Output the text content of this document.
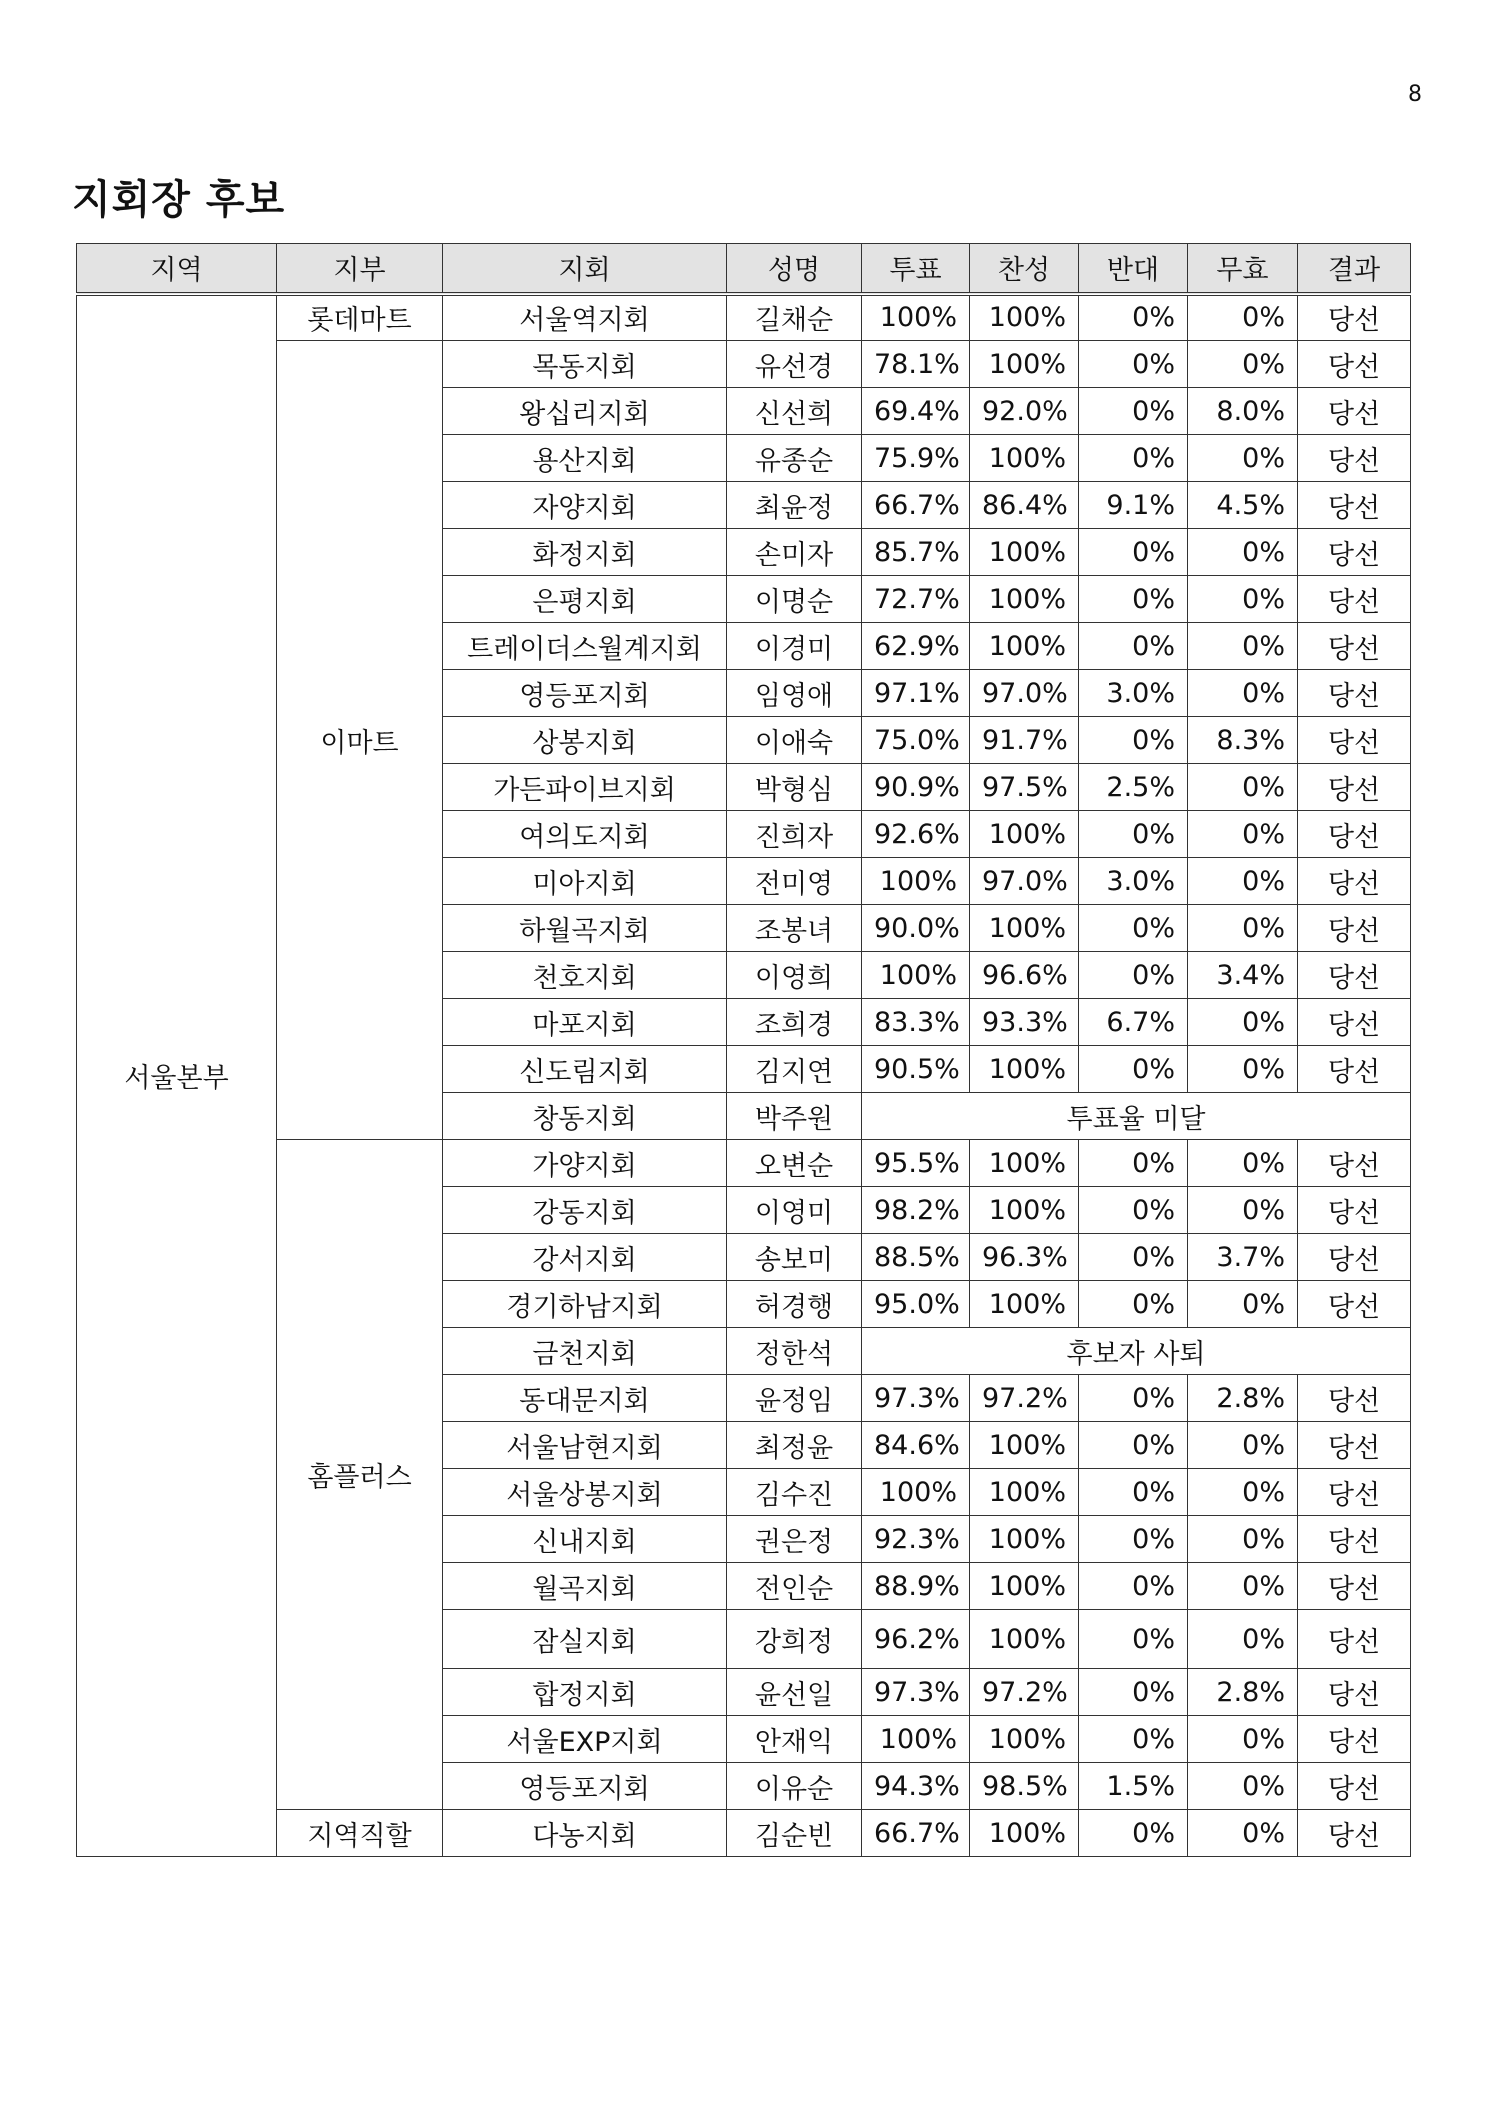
8
지회장 후보
지역	지부	지회	성명	투표	찬성	반대	무효	결과
서울본부	롯데마트	서울역지회	길채순	100%	100%	0%	0%	당선
	이마트	목동지회	유선경	78.1%	100%	0%	0%	당선
		왕십리지회	신선희	69.4%	92.0%	0%	8.0%	당선
		용산지회	유종순	75.9%	100%	0%	0%	당선
		자양지회	최윤정	66.7%	86.4%	9.1%	4.5%	당선
		화정지회	손미자	85.7%	100%	0%	0%	당선
		은평지회	이명순	72.7%	100%	0%	0%	당선
		트레이더스월계지회	이경미	62.9%	100%	0%	0%	당선
		영등포지회	임영애	97.1%	97.0%	3.0%	0%	당선
		상봉지회	이애숙	75.0%	91.7%	0%	8.3%	당선
		가든파이브지회	박형심	90.9%	97.5%	2.5%	0%	당선
		여의도지회	진희자	92.6%	100%	0%	0%	당선
		미아지회	전미영	100%	97.0%	3.0%	0%	당선
		하월곡지회	조봉녀	90.0%	100%	0%	0%	당선
		천호지회	이영희	100%	96.6%	0%	3.4%	당선
		마포지회	조희경	83.3%	93.3%	6.7%	0%	당선
		신도림지회	김지연	90.5%	100%	0%	0%	당선
		창동지회	박주원	투표율 미달				
	홈플러스	가양지회	오변순	95.5%	100%	0%	0%	당선
		강동지회	이영미	98.2%	100%	0%	0%	당선
		강서지회	송보미	88.5%	96.3%	0%	3.7%	당선
		경기하남지회	허경행	95.0%	100%	0%	0%	당선
		금천지회	정한석	후보자 사퇴				
		동대문지회	윤정임	97.3%	97.2%	0%	2.8%	당선
		서울남현지회	최정윤	84.6%	100%	0%	0%	당선
		서울상봉지회	김수진	100%	100%	0%	0%	당선
		신내지회	권은정	92.3%	100%	0%	0%	당선
		월곡지회	전인순	88.9%	100%	0%	0%	당선
		잠실지회	강희정	96.2%	100%	0%	0%	당선
		합정지회	윤선일	97.3%	97.2%	0%	2.8%	당선
		서울EXP지회	안재익	100%	100%	0%	0%	당선
		영등포지회	이유순	94.3%	98.5%	1.5%	0%	당선
	지역직할	다농지회	김순빈	66.7%	100%	0%	0%	당선
